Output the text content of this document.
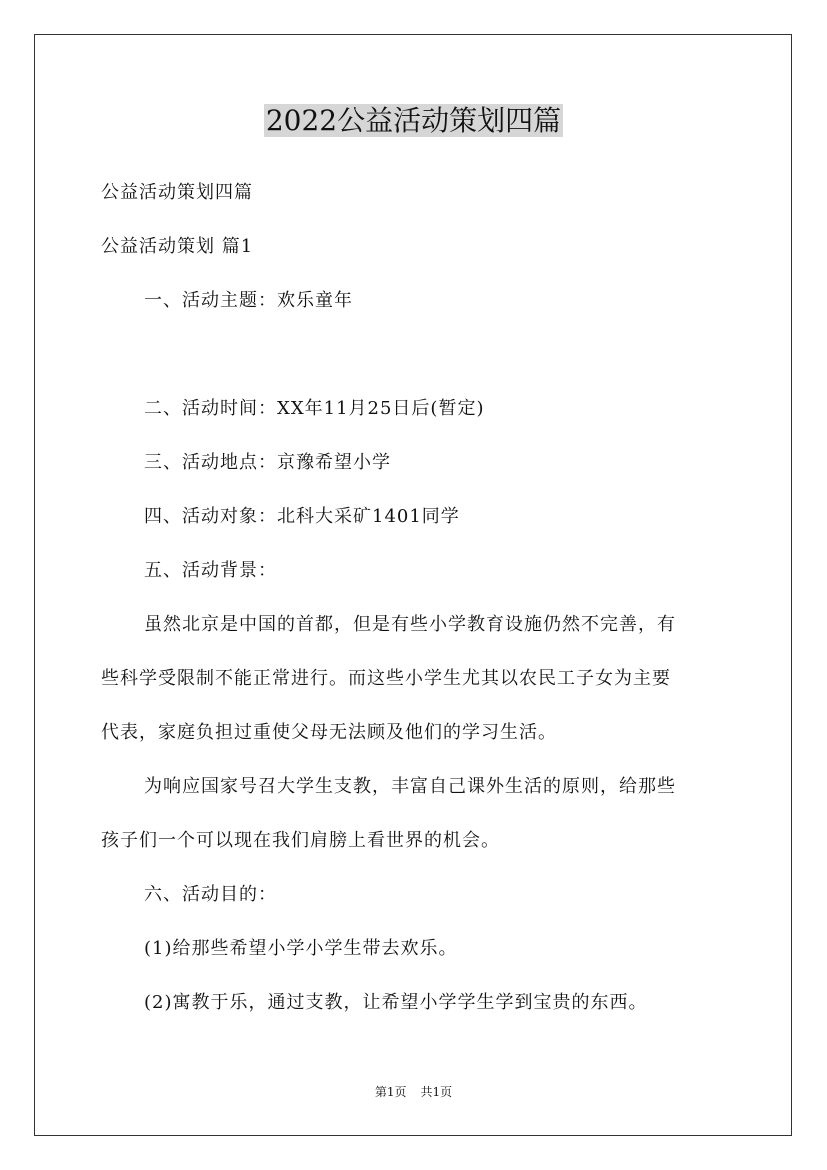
2022公益活动策划四篇
公益活动策划四篇
公益活动策划 篇1
一、活动主题：欢乐童年
二、活动时间：XX年11月25日后(暂定)
三、活动地点：京豫希望小学
四、活动对象：北科大采矿1401同学
五、活动背景：
虽然北京是中国的首都，但是有些小学教育设施仍然不完善，有
些科学受限制不能正常进行。而这些小学生尤其以农民工子女为主要
代表，家庭负担过重使父母无法顾及他们的学习生活。
为响应国家号召大学生支教，丰富自己课外生活的原则，给那些
孩子们一个可以现在我们肩膀上看世界的机会。
六、活动目的：
(1)给那些希望小学小学生带去欢乐。
(2)寓教于乐，通过支教，让希望小学学生学到宝贵的东西。
第1页 共1页
